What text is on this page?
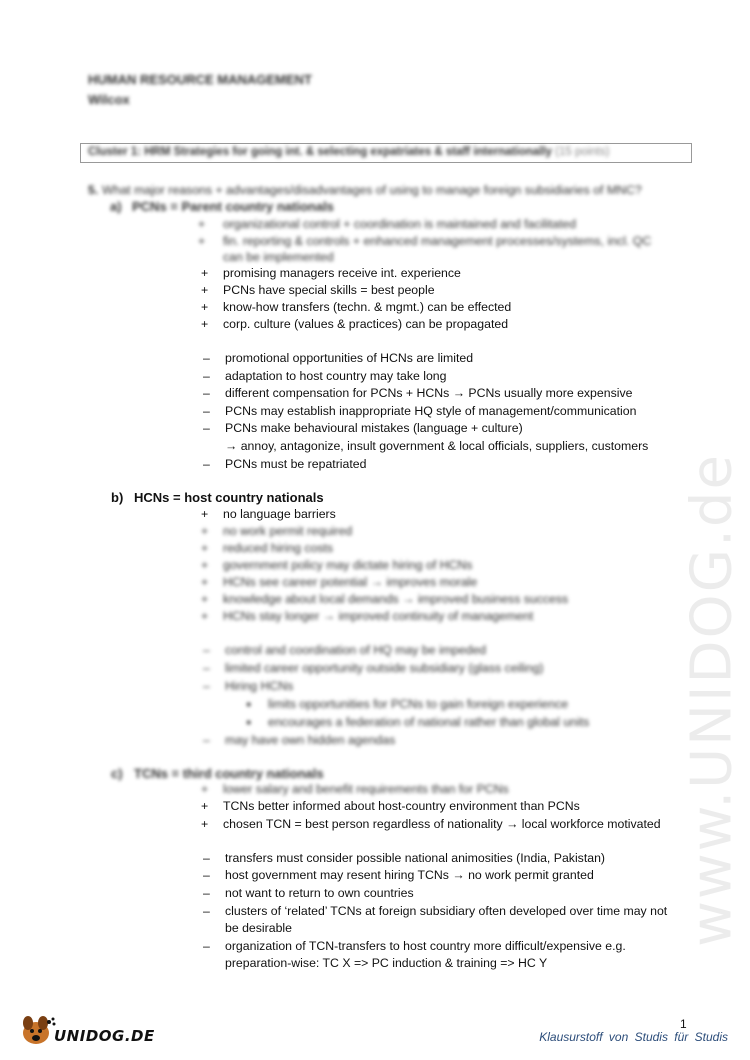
www.UNIDOG.de
HUMAN RESOURCE MANAGEMENT
Wilcox
Cluster 1: HRM Strategies for going int. & selecting expatriates & staff internationally (15 points)
5. What major reasons + advantages/disadvantages of using to manage foreign subsidiaries of MNC?
a) PCNs = Parent country nationals
+ organizational control + coordination is maintained and facilitated
+ fin. reporting & controls + enhanced management processes/systems, incl. QC
can be implemented
+ promising managers receive int. experience
+ PCNs have special skills = best people
+ know-how transfers (techn. & mgmt.) can be effected
+ corp. culture (values & practices) can be propagated
– promotional opportunities of HCNs are limited
– adaptation to host country may take long
– different compensation for PCNs + HCNs → PCNs usually more expensive
– PCNs may establish inappropriate HQ style of management/communication
– PCNs make behavioural mistakes (language + culture)
→ annoy, antagonize, insult government & local officials, suppliers, customers
– PCNs must be repatriated
b) HCNs = host country nationals
+ no language barriers
+ no work permit required
+ reduced hiring costs
+ government policy may dictate hiring of HCNs
+ HCNs see career potential → improves morale
+ knowledge about local demands → improved business success
+ HCNs stay longer → improved continuity of management
– control and coordination of HQ may be impeded
– limited career opportunity outside subsidiary (glass ceiling)
– Hiring HCNs
● limits opportunities for PCNs to gain foreign experience
● encourages a federation of national rather than global units
– may have own hidden agendas
c) TCNs = third country nationals
+ lower salary and benefit requirements than for PCNs
+ TCNs better informed about host-country environment than PCNs
+ chosen TCN = best person regardless of nationality → local workforce motivated
– transfers must consider possible national animosities (India, Pakistan)
– host government may resent hiring TCNs → no work permit granted
– not want to return to own countries
– clusters of ‘related’ TCNs at foreign subsidiary often developed over time may not
be desirable
– organization of TCN-transfers to host country more difficult/expensive e.g.
preparation-wise: TC X => PC induction & training => HC Y
UNIDOG.DE
1
Klausurstoff von Studis für Studis
